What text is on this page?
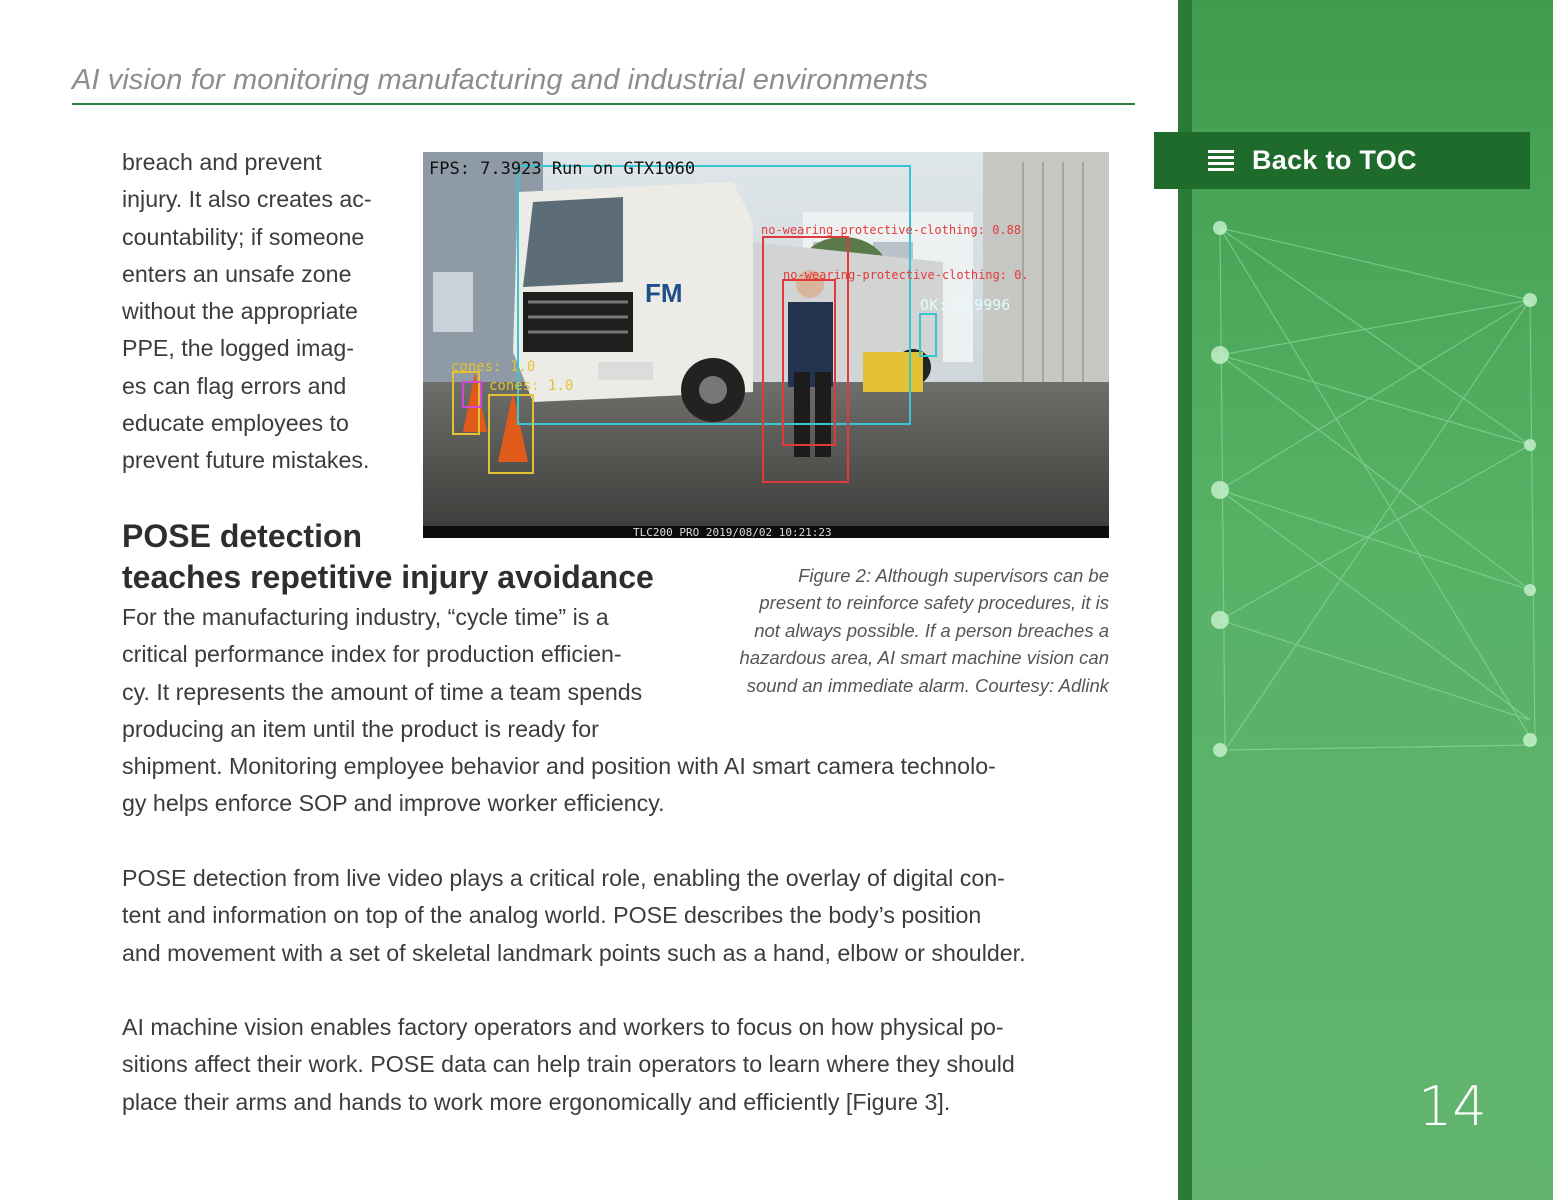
AI vision for monitoring manufacturing and industrial environments

breach and prevent

injury. It also creates ac-

countability; if someone

enters an unsafe zone

without the appropriate

PPE, the logged imag-

es can flag errors and

educate employees to

prevent future mistakes.

FM
FPS: 7.3923 Run on GTX1060
no-wearing-protective-clothing: 0.88
no-wearing-protective-clothing: 0.
OK:-0.9996
cones: 1.0
cones: 1.0
TLC200 PRO 2019/08/02 10:21:23
Figure 2: Although supervisors can be
present to reinforce safety procedures, it is
not always possible. If a person breaches a
hazardous area, AI smart machine vision can
sound an immediate alarm. Courtesy: Adlink
POSE detection
teaches repetitive injury avoidance

For the manufacturing industry, “cycle time” is a

critical performance index for production efficien-

cy. It represents the amount of time a team spends

producing an item until the product is ready for

shipment. Monitoring employee behavior and position with AI smart camera technolo-

gy helps enforce SOP and improve worker efficiency.

POSE detection from live video plays a critical role, enabling the overlay of digital con-

tent and information on top of the analog world. POSE describes the body’s position

and movement with a set of skeletal landmark points such as a hand, elbow or shoulder.

AI machine vision enables factory operators and workers to focus on how physical po-

sitions affect their work. POSE data can help train operators to learn where they should

place their arms and hands to work more ergonomically and efficiently [Figure 3].

Back to TOC
14
